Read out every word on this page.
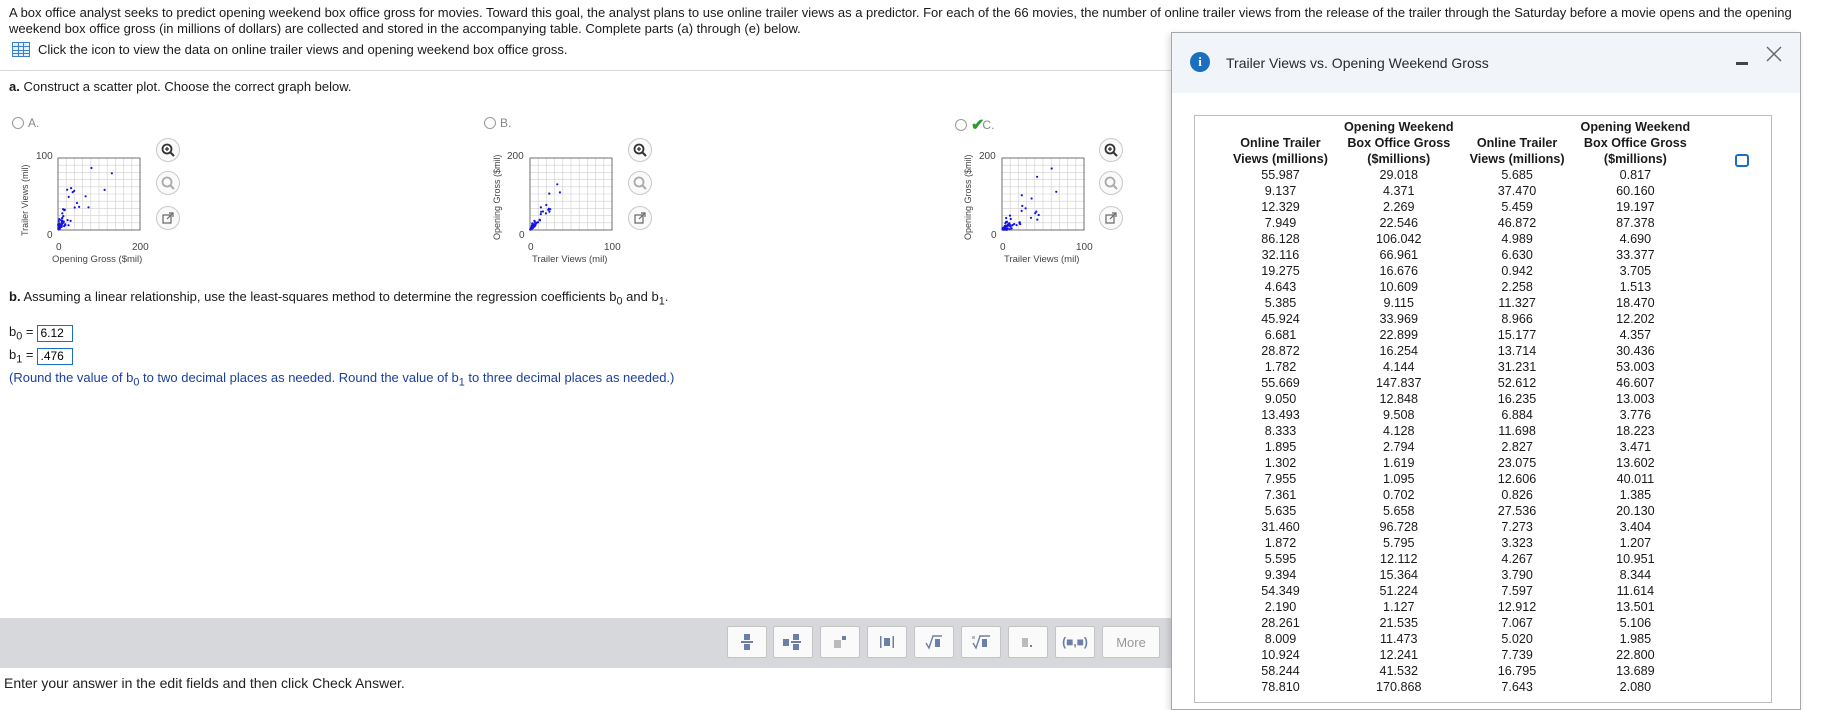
A box office analyst seeks to predict opening weekend box office gross for movies. Toward this goal, the analyst plans to use online trailer views as a predictor. For each of the 66 movies, the number of online trailer views from the release of the trailer through the Saturday before a movie opens and the opening weekend box office gross (in millions of dollars) are collected and stored in the accompanying table. Complete parts (a) through (e) below.
Click the icon to view the data on online trailer views and opening weekend box office gross.
a. Construct a scatter plot. Choose the correct graph below.
A.
Trailer Views (mil)
100
0
0	200
Opening Gross ($mil)
B.
Opening Gross ($mil) 200
0
0	100
Trailer Views (mil)
✔
C.
Opening Gross ($mil) 200
0
0	100
Trailer Views (mil)
b. Assuming a linear relationship, use the least-squares method to determine the regression coefficients $b_0$ and $b_1$.
$b_0$ =
6.12
$b_1$ =
.476
(Round the value of $b_0$ to two decimal places as needed. Round the value of $b_1$ to three decimal places as needed.)
(■,■)	More
Enter your answer in the edit fields and then click Check Answer.
i	Trailer Views vs. Opening Weekend Gross

Online Trailer
Views (millions)	Opening Weekend
Box Office Gross
($millions)	Online Trailer
Views (millions)	Opening Weekend
Box Office Gross
($millions)

55.987	29.018	5.685	0.817
9.137	4.371	37.470	60.160
12.329	2.269	5.459	19.197
7.949	22.546	46.872	87.378
86.128	106.042	4.989	4.690
32.116	66.961	6.630	33.377
19.275	16.676	0.942	3.705
4.643	10.609	2.258	1.513
5.385	9.115	11.327	18.470
45.924	33.969	8.966	12.202
6.681	22.899	15.177	4.357
28.872	16.254	13.714	30.436
1.782	4.144	31.231	53.003
55.669	147.837	52.612	46.607
9.050	12.848	16.235	13.003
13.493	9.508	6.884	3.776
8.333	4.128	11.698	18.223
1.895	2.794	2.827	3.471
1.302	1.619	23.075	13.602
7.955	1.095	12.606	40.011
7.361	0.702	0.826	1.385
5.635	5.658	27.536	20.130
31.460	96.728	7.273	3.404
1.872	5.795	3.323	1.207
5.595	12.112	4.267	10.951
9.394	15.364	3.790	8.344
54.349	51.224	7.597	11.614
2.190	1.127	12.912	13.501
28.261	21.535	7.067	5.106
8.009	11.473	5.020	1.985
10.924	12.241	7.739	22.800
58.244	41.532	16.795	13.689
78.810	170.868	7.643	2.080
